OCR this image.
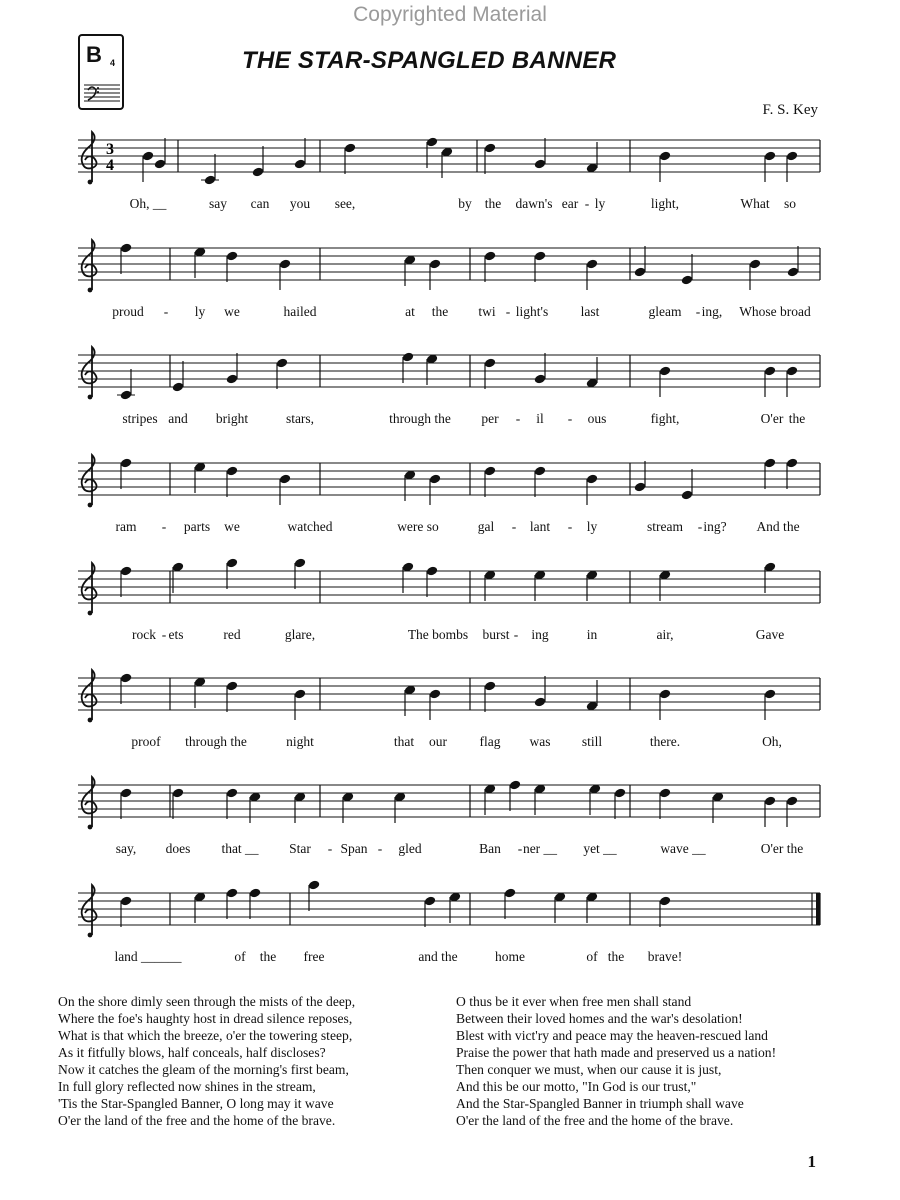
Copyrighted Material
B 4	THE STAR-SPANGLED BANNER
F. S. Key
3
4
Oh, __	say can you see,	by the dawn's ear - ly	light,	What so
proud - ly we	hailed	at the twi - light's last	gleam - ing, Whose broad
stripes and bright	stars,	through the per - il - ous	fight,	O'er the
ram - parts we	watched	were so	gal - lant - ly	stream - ing? And the
rock - ets	red	glare,	The bombs burst - ing	in	air,	Gave
proof through the	night	that our flag was still	there.	Oh,
say, does that __ Star - Span - gled	Ban - ner __ yet __	wave __	O'er the
land ______	of the free	and the	home	of the brave!
On the shore dimly seen through the mists of the deep,
Where the foe's haughty host in dread silence reposes,
What is that which the breeze, o'er the towering steep,
As it fitfully blows, half conceals, half discloses?
Now it catches the gleam of the morning's first beam,
In full glory reflected now shines in the stream,
'Tis the Star-Spangled Banner, O long may it wave
O'er the land of the free and the home of the brave.
O thus be it ever when free men shall stand
Between their loved homes and the war's desolation!
Blest with vict'ry and peace may the heaven-rescued land
Praise the power that hath made and preserved us a nation!
Then conquer we must, when our cause it is just,
And this be our motto, "In God is our trust,"
And the Star-Spangled Banner in triumph shall wave
O'er the land of the free and the home of the brave.
1
